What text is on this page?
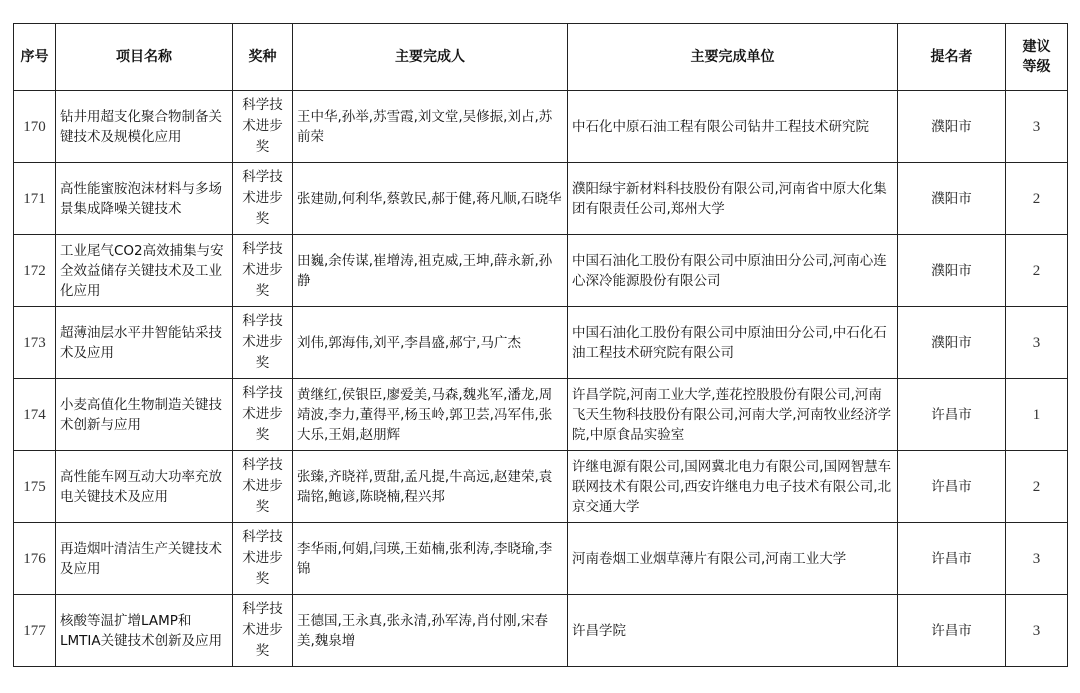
序号	项目名称	奖种	主要完成人	主要完成单位	提名者	建议等级
170	钻井用超支化聚合物制备关键技术及规模化应用	科学技术进步奖	王中华,孙举,苏雪霞,刘文堂,吴修振,刘占,苏前荣	中石化中原石油工程有限公司钻井工程技术研究院	濮阳市	3
171	高性能蜜胺泡沫材料与多场景集成降噪关键技术	科学技术进步奖	张建勋,何利华,蔡敦民,郝于健,蒋凡顺,石晓华	濮阳绿宇新材料科技股份有限公司,河南省中原大化集团有限责任公司,郑州大学	濮阳市	2
172	工业尾气CO2高效捕集与安全效益储存关键技术及工业化应用	科学技术进步奖	田巍,余传谋,崔增涛,祖克威,王坤,薛永新,孙静	中国石油化工股份有限公司中原油田分公司,河南心连心深冷能源股份有限公司	濮阳市	2
173	超薄油层水平井智能钻采技术及应用	科学技术进步奖	刘伟,郭海伟,刘平,李昌盛,郝宁,马广杰	中国石油化工股份有限公司中原油田分公司,中石化石油工程技术研究院有限公司	濮阳市	3
174	小麦高值化生物制造关键技术创新与应用	科学技术进步奖	黄继红,侯银臣,廖爱美,马森,魏兆军,潘龙,周靖波,李力,董得平,杨玉岭,郭卫芸,冯军伟,张大乐,王娟,赵朋辉	许昌学院,河南工业大学,莲花控股股份有限公司,河南飞天生物科技股份有限公司,河南大学,河南牧业经济学院,中原食品实验室	许昌市	1
175	高性能车网互动大功率充放电关键技术及应用	科学技术进步奖	张臻,齐晓祥,贾甜,孟凡提,牛高远,赵建荣,袁瑞铭,鲍谚,陈晓楠,程兴邦	许继电源有限公司,国网冀北电力有限公司,国网智慧车联网技术有限公司,西安许继电力电子技术有限公司,北京交通大学	许昌市	2
176	再造烟叶清洁生产关键技术及应用	科学技术进步奖	李华雨,何娟,闫瑛,王茹楠,张利涛,李晓瑜,李锦	河南卷烟工业烟草薄片有限公司,河南工业大学	许昌市	3
177	核酸等温扩增LAMP和LMTIA关键技术创新及应用	科学技术进步奖	王德国,王永真,张永清,孙军涛,肖付刚,宋春美,魏泉增	许昌学院	许昌市	3
